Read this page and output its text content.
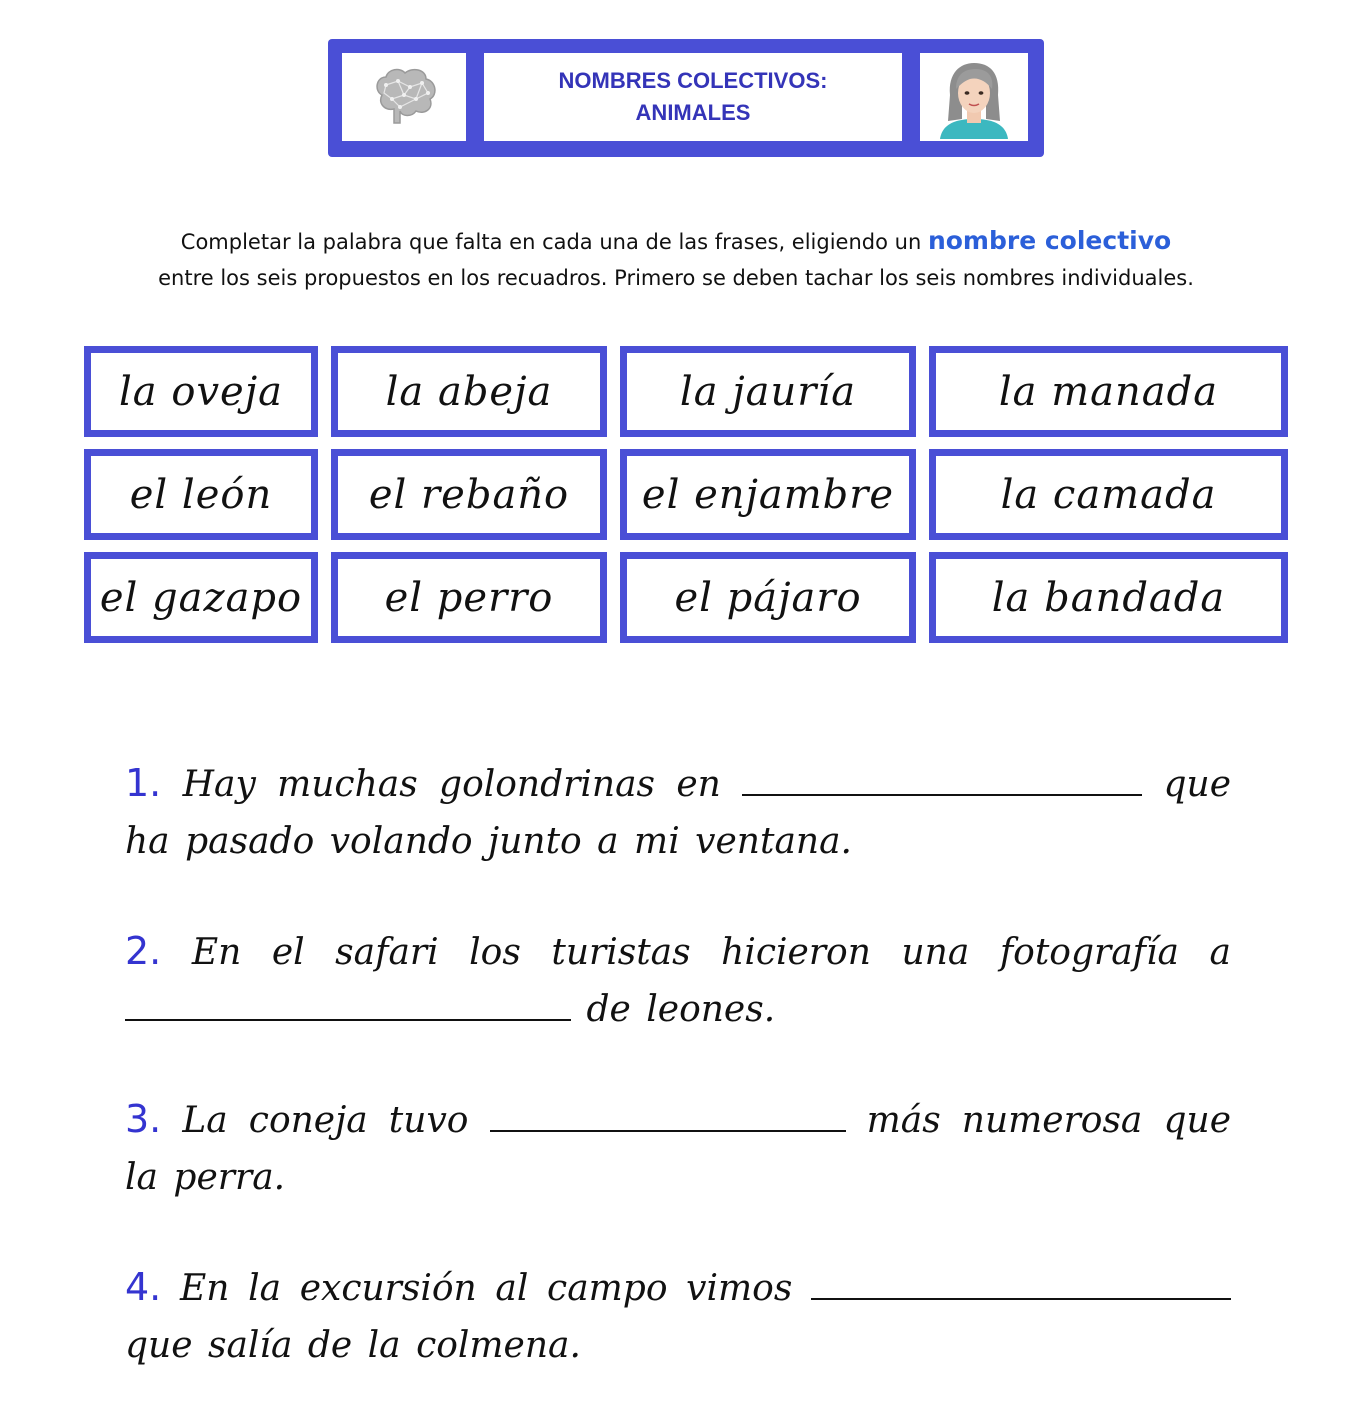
NOMBRES COLECTIVOS:
ANIMALES
Completar la palabra que falta en cada una de las frases, eligiendo un nombre colectivo
entre los seis propuestos en los recuadros. Primero se deben tachar los seis nombres individuales.
la oveja	la abeja	la jauría	la manada
el león	el rebaño	el enjambre	la camada
el gazapo	el perro	el pájaro	la bandada
1. Hay muchas golondrinas en	que ha pasado volando junto a mi ventana.
2. En el safari los turistas hicieron una fotografía a  de leones.
3. La coneja tuvo	más numerosa que la perra.
4. En la excursión al campo vimos  que salía de la colmena.
